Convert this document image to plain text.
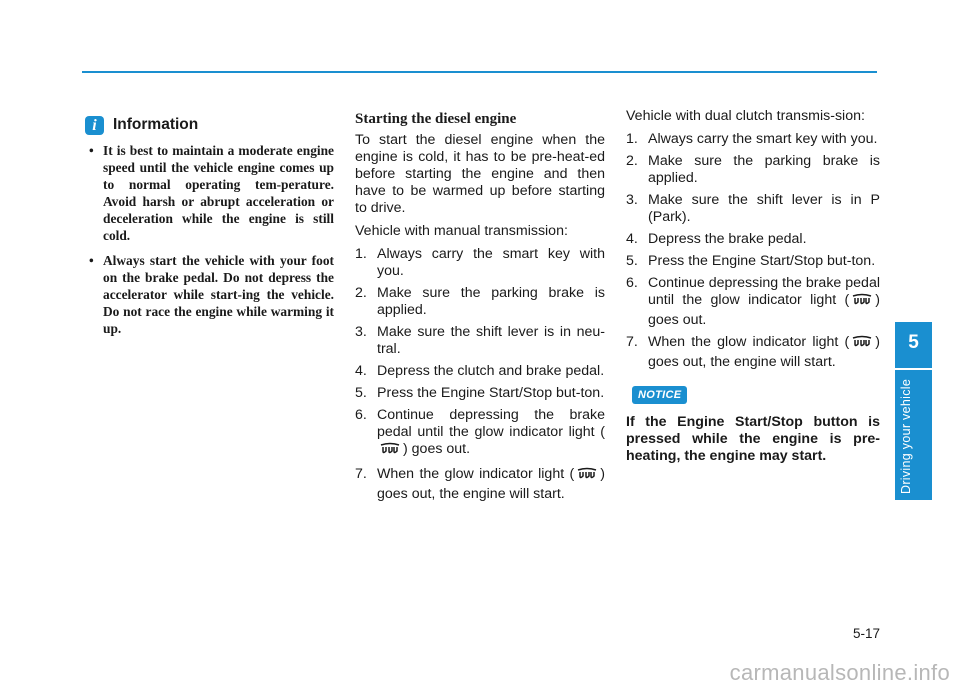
5
Driving your vehicle
i	Information
• It is best to maintain a moderate engine speed until the vehicle engine comes up to normal operating tem-perature. Avoid harsh or abrupt acceleration or deceleration while the engine is still cold.
• Always start the vehicle with your foot on the brake pedal. Do not depress the accelerator while start-ing the vehicle. Do not race the engine while warming it up.
Starting the diesel engine

To start the diesel engine when the engine is cold, it has to be pre-heat-ed before starting the engine and then have to be warmed up before starting to drive.

Vehicle with manual transmission:

1. Always carry the smart key with you.
2. Make sure the parking brake is applied.
3. Make sure the shift lever is in neu-tral.
4. Depress the clutch and brake pedal.
5. Press the Engine Start/Stop but-ton.
6. Continue depressing the brake pedal until the glow indicator light () goes out.
7. When the glow indicator light ( ) goes out, the engine will start.

Vehicle with dual clutch transmis-sion:

1. Always carry the smart key with you.
2. Make sure the parking brake is applied.
3. Make sure the shift lever is in P (Park).
4. Depress the brake pedal.
5. Press the Engine Start/Stop but-ton.
6. Continue depressing the brake pedal until the glow indicator light ( ) goes out.
7. When the glow indicator light ( ) goes out, the engine will start.
NOTICE

If the Engine Start/Stop button is pressed while the engine is pre-heating, the engine may start.

5-17
carmanualsonline.info
